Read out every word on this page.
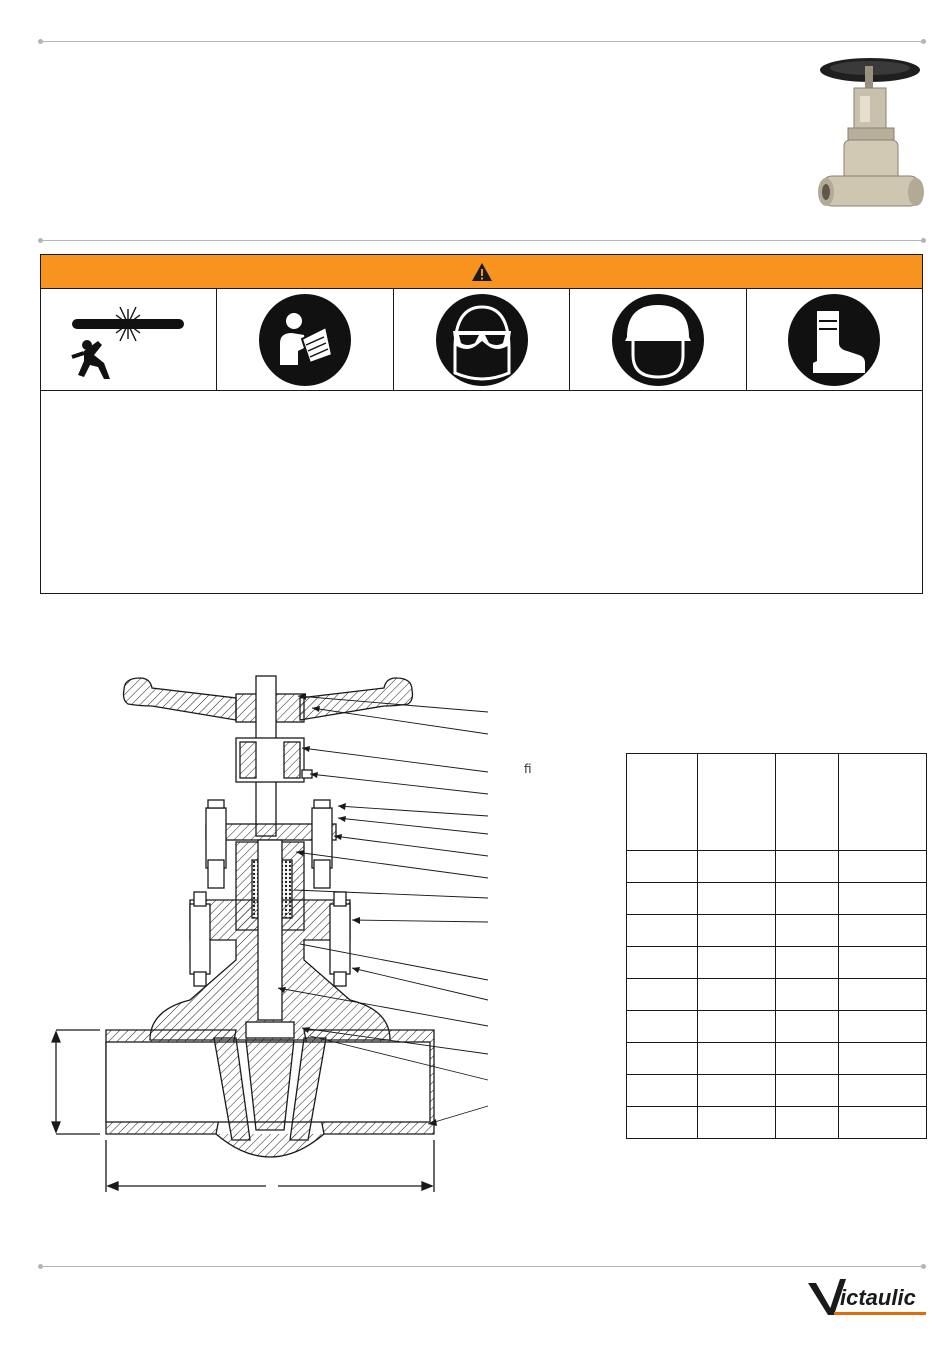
ﬁ

ictaulic
